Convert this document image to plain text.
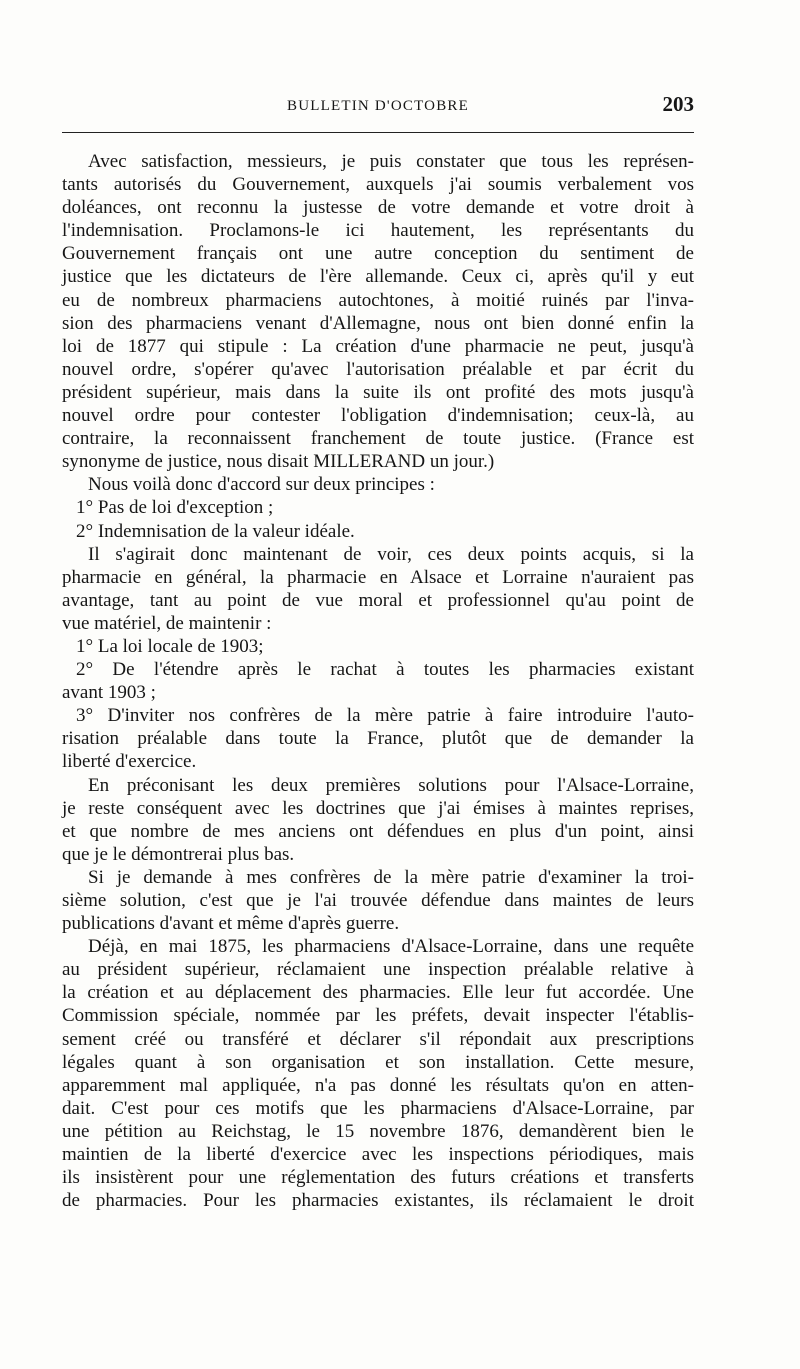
BULLETIN D'OCTOBRE	203
Avec satisfaction, messieurs, je puis constater que tous les représen-
tants autorisés du Gouvernement, auxquels j'ai soumis verbalement vos
doléances, ont reconnu la justesse de votre demande et votre droit à
l'indemnisation. Proclamons-le ici hautement, les représentants du
Gouvernement français ont une autre conception du sentiment de
justice que les dictateurs de l'ère allemande. Ceux ci, après qu'il y eut
eu de nombreux pharmaciens autochtones, à moitié ruinés par l'inva-
sion des pharmaciens venant d'Allemagne, nous ont bien donné enfin la
loi de 1877 qui stipule : La création d'une pharmacie ne peut, jusqu'à
nouvel ordre, s'opérer qu'avec l'autorisation préalable et par écrit du
président supérieur, mais dans la suite ils ont profité des mots jusqu'à
nouvel ordre pour contester l'obligation d'indemnisation; ceux-là, au
contraire, la reconnaissent franchement de toute justice. (France est
synonyme de justice, nous disait MILLERAND un jour.)
Nous voilà donc d'accord sur deux principes :
1° Pas de loi d'exception ;
2° Indemnisation de la valeur idéale.
Il s'agirait donc maintenant de voir, ces deux points acquis, si la
pharmacie en général, la pharmacie en Alsace et Lorraine n'auraient pas
avantage, tant au point de vue moral et professionnel qu'au point de
vue matériel, de maintenir :
1° La loi locale de 1903;
2° De l'étendre après le rachat à toutes les pharmacies existant
avant 1903 ;
3° D'inviter nos confrères de la mère patrie à faire introduire l'auto-
risation préalable dans toute la France, plutôt que de demander la
liberté d'exercice.
En préconisant les deux premières solutions pour l'Alsace-Lorraine,
je reste conséquent avec les doctrines que j'ai émises à maintes reprises,
et que nombre de mes anciens ont défendues en plus d'un point, ainsi
que je le démontrerai plus bas.
Si je demande à mes confrères de la mère patrie d'examiner la troi-
sième solution, c'est que je l'ai trouvée défendue dans maintes de leurs
publications d'avant et même d'après guerre.
Déjà, en mai 1875, les pharmaciens d'Alsace-Lorraine, dans une requête
au président supérieur, réclamaient une inspection préalable relative à
la création et au déplacement des pharmacies. Elle leur fut accordée. Une
Commission spéciale, nommée par les préfets, devait inspecter l'établis-
sement créé ou transféré et déclarer s'il répondait aux prescriptions
légales quant à son organisation et son installation. Cette mesure,
apparemment mal appliquée, n'a pas donné les résultats qu'on en atten-
dait. C'est pour ces motifs que les pharmaciens d'Alsace-Lorraine, par
une pétition au Reichstag, le 15 novembre 1876, demandèrent bien le
maintien de la liberté d'exercice avec les inspections périodiques, mais
ils insistèrent pour une réglementation des futurs créations et transferts
de pharmacies. Pour les pharmacies existantes, ils réclamaient le droit
